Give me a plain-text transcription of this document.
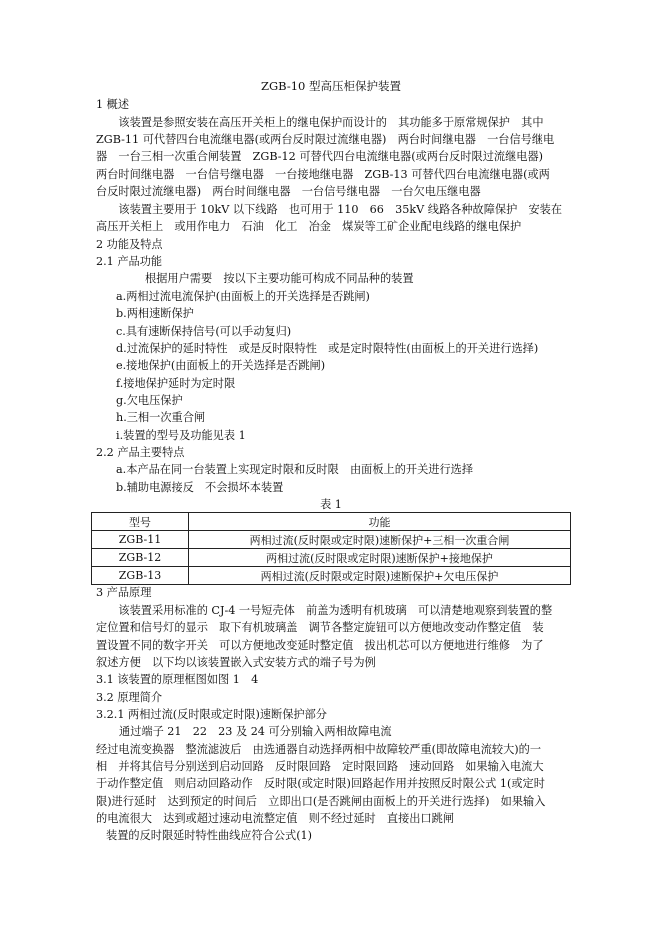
ZGB-10 型高压柜保护装置
1 概述
　　该装置是参照安装在高压开关柜上的继电保护而设计的　其功能多于原常规保护　其中
ZGB-11 可代替四台电流继电器(或两台反时限过流继电器)　两台时间继电器　一台信号继电
器　一台三相一次重合闸装置　ZGB-12 可替代四台电流继电器(或两台反时限过流继电器)
两台时间继电器　一台信号继电器　一台接地继电器　ZGB-13 可替代四台电流继电器(或两
台反时限过流继电器)　两台时间继电器　一台信号继电器　一台欠电压继电器
　　该装置主要用于 10kV 以下线路　也可用于 110　66　35kV 线路各种故障保护　安装在
高压开关柜上　或用作电力　石油　化工　冶金　煤炭等工矿企业配电线路的继电保护
2 功能及特点
2.1 产品功能
根据用户需要　按以下主要功能可构成不同品种的装置
a.两相过流电流保护(由面板上的开关选择是否跳闸)
b.两相速断保护
c.具有速断保持信号(可以手动复归)
d.过流保护的延时特性　或是反时限特性　或是定时限特性(由面板上的开关进行选择)
e.接地保护(由面板上的开关选择是否跳闸)
f.接地保护延时为定时限
g.欠电压保护
h.三相一次重合闸
i.装置的型号及功能见表 1
2.2 产品主要特点
a.本产品在同一台装置上实现定时限和反时限　由面板上的开关进行选择
b.辅助电源接反　不会损坏本装置
表 1
型号	功能
ZGB-11	两相过流(反时限或定时限)速断保护+三相一次重合闸
ZGB-12	两相过流(反时限或定时限)速断保护+接地保护
ZGB-13	两相过流(反时限或定时限)速断保护+欠电压保护
3 产品原理
　　该装置采用标准的 CJ-4 一号短壳体　前盖为透明有机玻璃　可以清楚地观察到装置的整
定位置和信号灯的显示　取下有机玻璃盖　调节各整定旋钮可以方便地改变动作整定值　装
置设置不同的数字开关　可以方便地改变延时整定值　拔出机芯可以方便地进行维修　为了
叙述方便　以下均以该装置嵌入式安装方式的端子号为例
3.1 该装置的原理框图如图 1　4
3.2 原理简介
3.2.1 两相过流(反时限或定时限)速断保护部分
通过端子 21　22　23 及 24 可分别输入两相故障电流
经过电流变换器　整流滤波后　由选通器自动选择两相中故障较严重(即故障电流较大)的一
相　并将其信号分别送到启动回路　反时限回路　定时限回路　速动回路　如果输入电流大
于动作整定值　则启动回路动作　反时限(或定时限)回路起作用并按照反时限公式 1(或定时
限)进行延时　达到预定的时间后　立即出口(是否跳闸由面板上的开关进行选择)　如果输入
的电流很大　达到或超过速动电流整定值　则不经过延时　直接出口跳闸
装置的反时限延时特性曲线应符合公式(1)
